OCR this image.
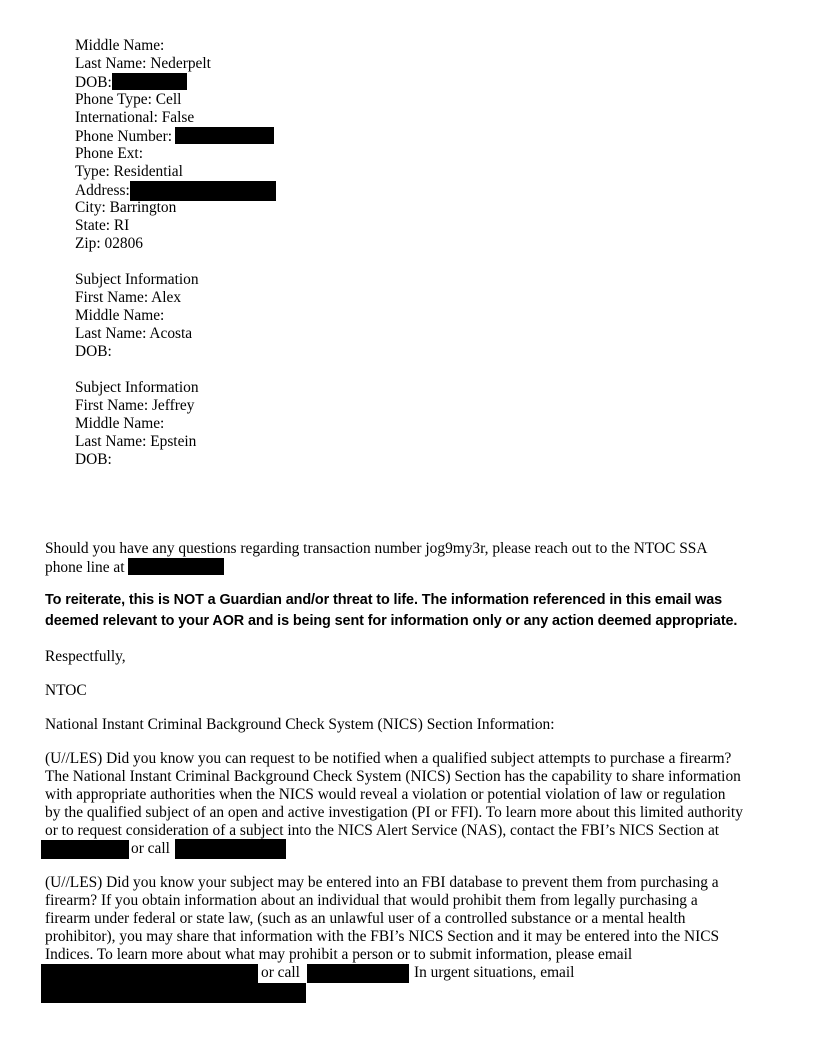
Middle Name:
Last Name: Nederpelt
DOB:
Phone Type: Cell
International: False
Phone Number:
Phone Ext:
Type: Residential
Address:
City: Barrington
State: RI
Zip: 02806
Subject Information
First Name: Alex
Middle Name:
Last Name: Acosta
DOB:
Subject Information
First Name: Jeffrey
Middle Name:
Last Name: Epstein
DOB:
Should you have any questions regarding transaction number jog9my3r, please reach out to the NTOC SSA
phone line at
To reiterate, this is NOT a Guardian and/or threat to life. The information referenced in this email was
deemed relevant to your AOR and is being sent for information only or any action deemed appropriate.
Respectfully,
NTOC
National Instant Criminal Background Check System (NICS) Section Information:
(U//LES) Did you know you can request to be notified when a qualified subject attempts to purchase a firearm?
The National Instant Criminal Background Check System (NICS) Section has the capability to share information
with appropriate authorities when the NICS would reveal a violation or potential violation of law or regulation
by the qualified subject of an open and active investigation (PI or FFI). To learn more about this limited authority
or to request consideration of a subject into the NICS Alert Service (NAS), contact the FBI’s NICS Section at
or call
(U//LES) Did you know your subject may be entered into an FBI database to prevent them from purchasing a
firearm? If you obtain information about an individual that would prohibit them from legally purchasing a
firearm under federal or state law, (such as an unlawful user of a controlled substance or a mental health
prohibitor), you may share that information with the FBI’s NICS Section and it may be entered into the NICS
Indices. To learn more about what may prohibit a person or to submit information, please email
or call	In urgent situations, email
